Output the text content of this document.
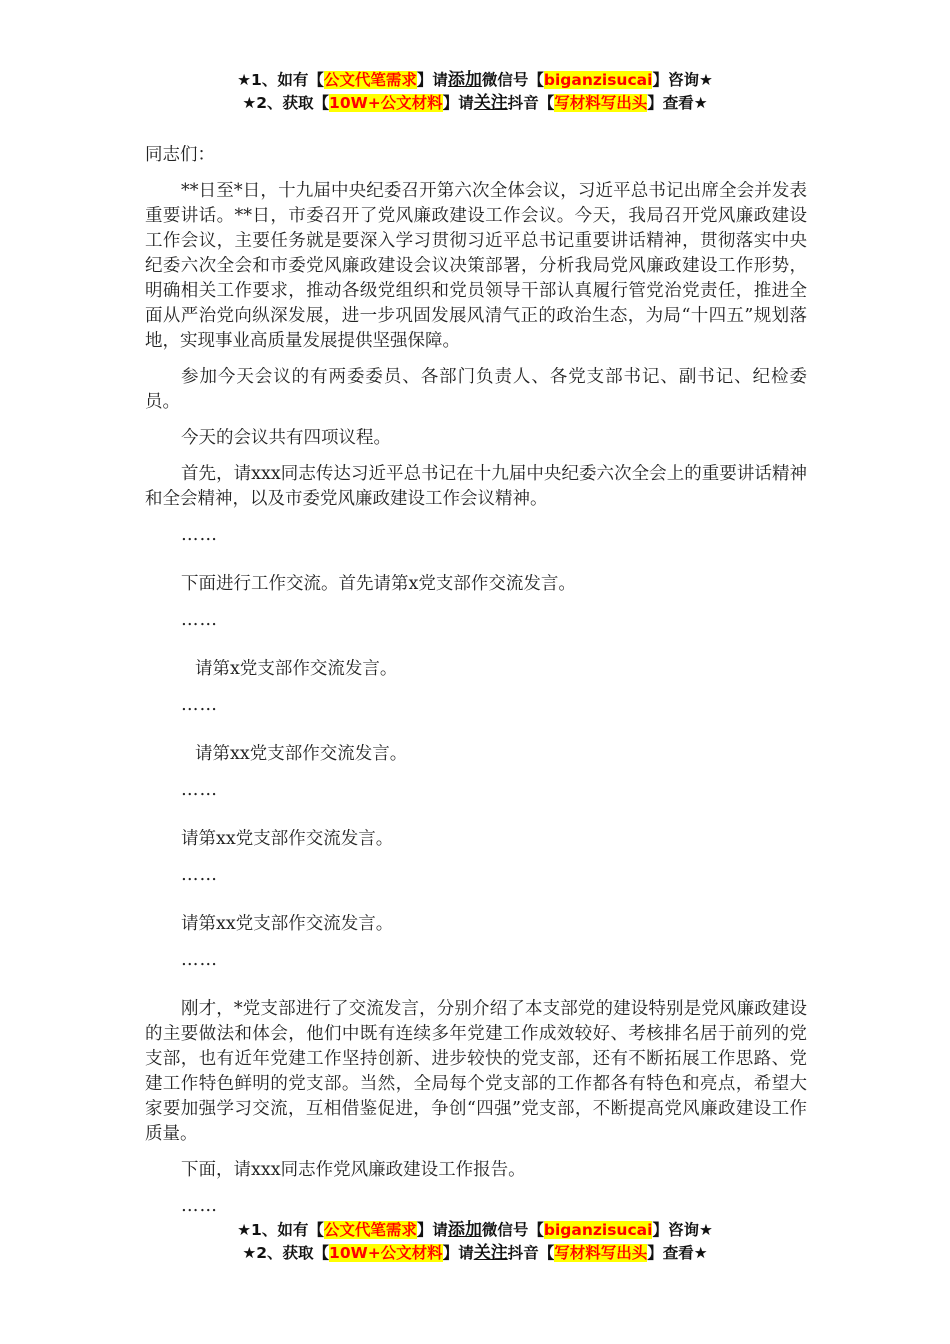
★1、如有【公文代笔需求】请添加微信号【biganzisucai】咨询★
★2、获取【10W+公文材料】请关注抖音【写材料写出头】查看★

同志们：

**日至*日，十九届中央纪委召开第六次全体会议，习近平总书记出席全会并发表重要讲话。**日，市委召开了党风廉政建设工作会议。今天，我局召开党风廉政建设工作会议，主要任务就是要深入学习贯彻习近平总书记重要讲话精神，贯彻落实中央纪委六次全会和市委党风廉政建设会议决策部署，分析我局党风廉政建设工作形势，明确相关工作要求，推动各级党组织和党员领导干部认真履行管党治党责任，推进全面从严治党向纵深发展，进一步巩固发展风清气正的政治生态，为局“十四五”规划落地，实现事业高质量发展提供坚强保障。

参加今天会议的有两委委员、各部门负责人、各党支部书记、副书记、纪检委员。

今天的会议共有四项议程。

首先，请xxx同志传达习近平总书记在十九届中央纪委六次全会上的重要讲话精神和全会精神，以及市委党风廉政建设工作会议精神。

……

下面进行工作交流。首先请第x党支部作交流发言。

……

请第x党支部作交流发言。

……

请第xx党支部作交流发言。

……

请第xx党支部作交流发言。

……

请第xx党支部作交流发言。

……

刚才，*党支部进行了交流发言，分别介绍了本支部党的建设特别是党风廉政建设的主要做法和体会，他们中既有连续多年党建工作成效较好、考核排名居于前列的党支部，也有近年党建工作坚持创新、进步较快的党支部，还有不断拓展工作思路、党建工作特色鲜明的党支部。当然，全局每个党支部的工作都各有特色和亮点，希望大家要加强学习交流，互相借鉴促进，争创“四强”党支部，不断提高党风廉政建设工作质量。

下面，请xxx同志作党风廉政建设工作报告。

……

★1、如有【公文代笔需求】请添加微信号【biganzisucai】咨询★
★2、获取【10W+公文材料】请关注抖音【写材料写出头】查看★
